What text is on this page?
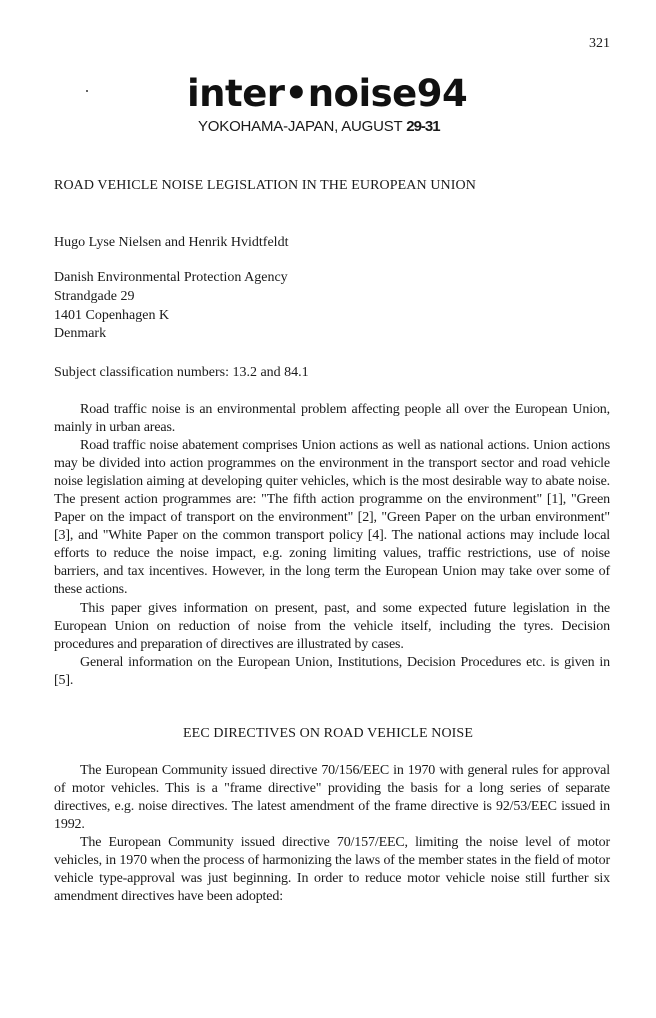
321
inter•noise94
YOKOHAMA-JAPAN, AUGUST 29-31
ROAD VEHICLE NOISE LEGISLATION IN THE EUROPEAN UNION
Hugo Lyse Nielsen and Henrik Hvidtfeldt
Danish Environmental Protection Agency
Strandgade 29
1401 Copenhagen K
Denmark
Subject classification numbers: 13.2 and 84.1

Road traffic noise is an environmental problem affecting people all over the European Union, mainly in urban areas.

Road traffic noise abatement comprises Union actions as well as national actions. Union actions may be divided into action programmes on the environment in the transport sector and road vehicle noise legislation aiming at developing quiter vehicles, which is the most desirable way to abate noise. The present action programmes are: "The fifth action programme on the environment" [1], "Green Paper on the impact of transport on the environment" [2], "Green Paper on the urban environment" [3], and "White Paper on the common transport policy [4]. The national actions may include local efforts to reduce the noise impact, e.g. zoning limiting values, traffic restrictions, use of noise barriers, and tax incentives. However, in the long term the European Union may take over some of these actions.

This paper gives information on present, past, and some expected future legislation in the European Union on reduction of noise from the vehicle itself, including the tyres. Decision procedures and preparation of directives are illustrated by cases.

General information on the European Union, Institutions, Decision Procedures etc. is given in [5].

EEC DIRECTIVES ON ROAD VEHICLE NOISE

The European Community issued directive 70/156/EEC in 1970 with general rules for approval of motor vehicles. This is a "frame directive" providing the basis for a long series of separate directives, e.g. noise directives. The latest amendment of the frame directive is 92/53/EEC issued in 1992.

The European Community issued directive 70/157/EEC, limiting the noise level of motor vehicles, in 1970 when the process of harmonizing the laws of the member states in the field of motor vehicle type-approval was just beginning. In order to reduce motor vehicle noise still further six amendment directives have been adopted:
